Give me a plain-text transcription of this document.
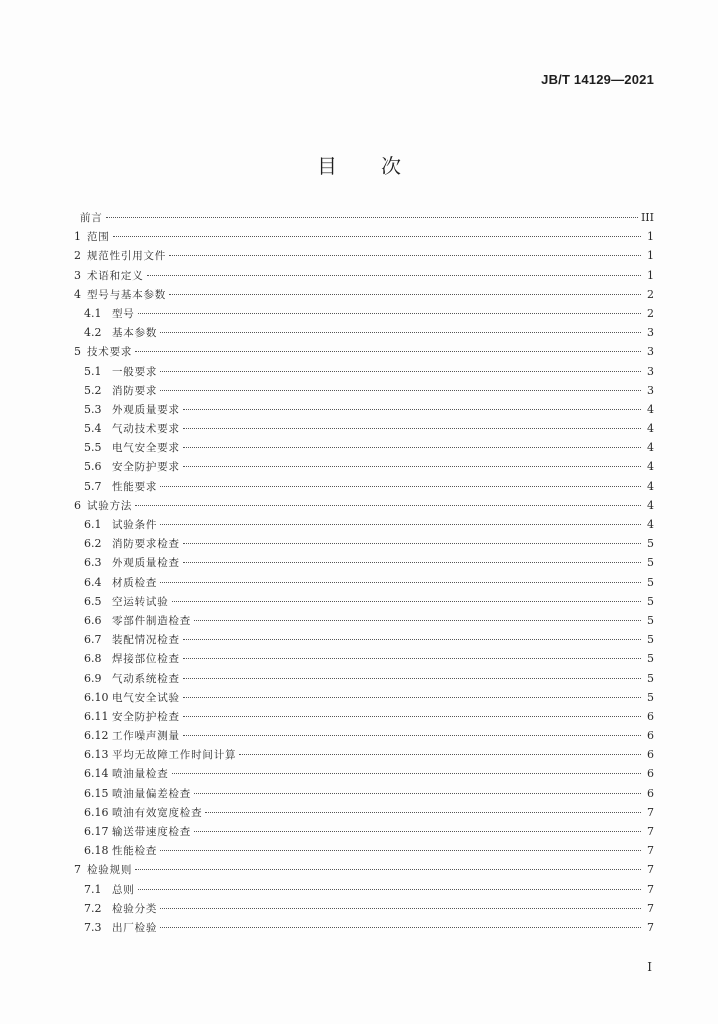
JB/T 14129—2021
目次
前言	III
1 范围	1
2 规范性引用文件	1
3 术语和定义	1
4 型号与基本参数	2
4.1	型号	2
4.2	基本参数	3
5 技术要求	3
5.1	一般要求	3
5.2	消防要求	3
5.3	外观质量要求	4
5.4	气动技术要求	4
5.5	电气安全要求	4
5.6	安全防护要求	4
5.7	性能要求	4
6 试验方法	4
6.1	试验条件	4
6.2	消防要求检查	5
6.3	外观质量检查	5
6.4	材质检查	5
6.5	空运转试验	5
6.6	零部件制造检查	5
6.7	装配情况检查	5
6.8	焊接部位检查	5
6.9	气动系统检查	5
6.10 电气安全试验	5
6.11 安全防护检查	6
6.12 工作噪声测量	6
6.13 平均无故障工作时间计算	6
6.14 喷油量检查	6
6.15 喷油量偏差检查	6
6.16 喷油有效宽度检查	7
6.17 输送带速度检查	7
6.18 性能检查	7
7 检验规则	7
7.1	总则	7
7.2	检验分类	7
7.3	出厂检验	7
I
